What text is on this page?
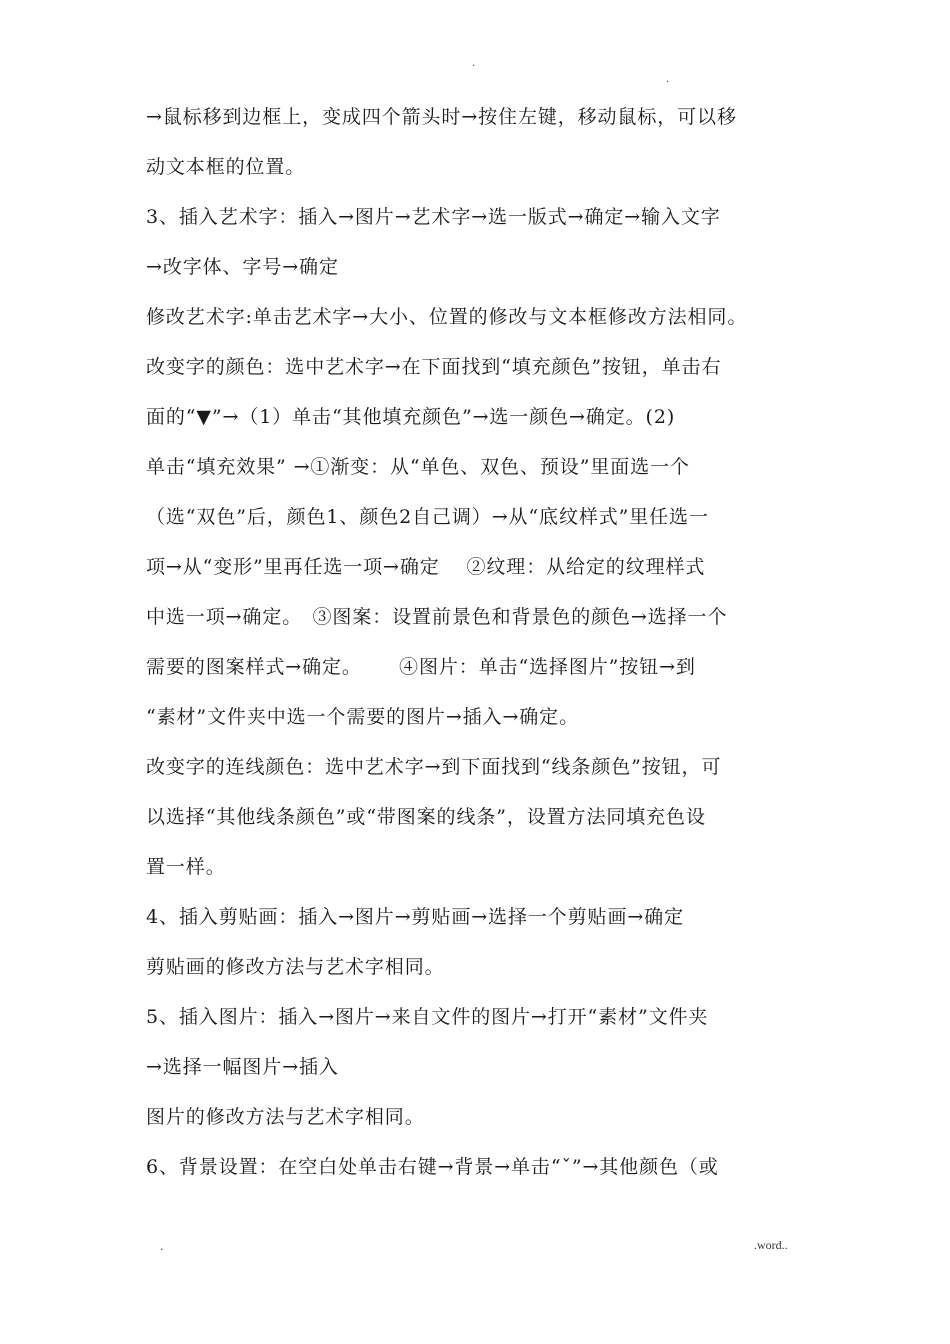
.
.
→鼠标移到边框上，变成四个箭头时→按住左键，移动鼠标，可以移
动文本框的位置。
3、插入艺术字：插入→图片→艺术字→选一版式→确定→输入文字
→改字体、字号→确定
修改艺术字:单击艺术字→大小、位置的修改与文本框修改方法相同。
改变字的颜色：选中艺术字→在下面找到“填充颜色”按钮，单击右
面的“▼”→（1）单击“其他填充颜色”→选一颜色→确定。(2)
单击“填充效果” →①渐变：从“单色、双色、预设”里面选一个
（选“双色”后，颜色1、颜色2自己调）→从“底纹样式”里任选一
项→从“变形”里再任选一项→确定　 ②纹理：从给定的纹理样式
中选一项→确定。　③图案：设置前景色和背景色的颜色→选择一个
需要的图案样式→确定。　　 ④图片：单击“选择图片”按钮→到
“素材”文件夹中选一个需要的图片→插入→确定。
改变字的连线颜色：选中艺术字→到下面找到“线条颜色”按钮，可
以选择“其他线条颜色”或“带图案的线条”，设置方法同填充色设
置一样。
4、插入剪贴画：插入→图片→剪贴画→选择一个剪贴画→确定
剪贴画的修改方法与艺术字相同。
5、插入图片：插入→图片→来自文件的图片→打开“素材”文件夹
→选择一幅图片→插入
图片的修改方法与艺术字相同。
6、背景设置：在空白处单击右键→背景→单击“ˇ”→其他颜色（或
.	.word..
